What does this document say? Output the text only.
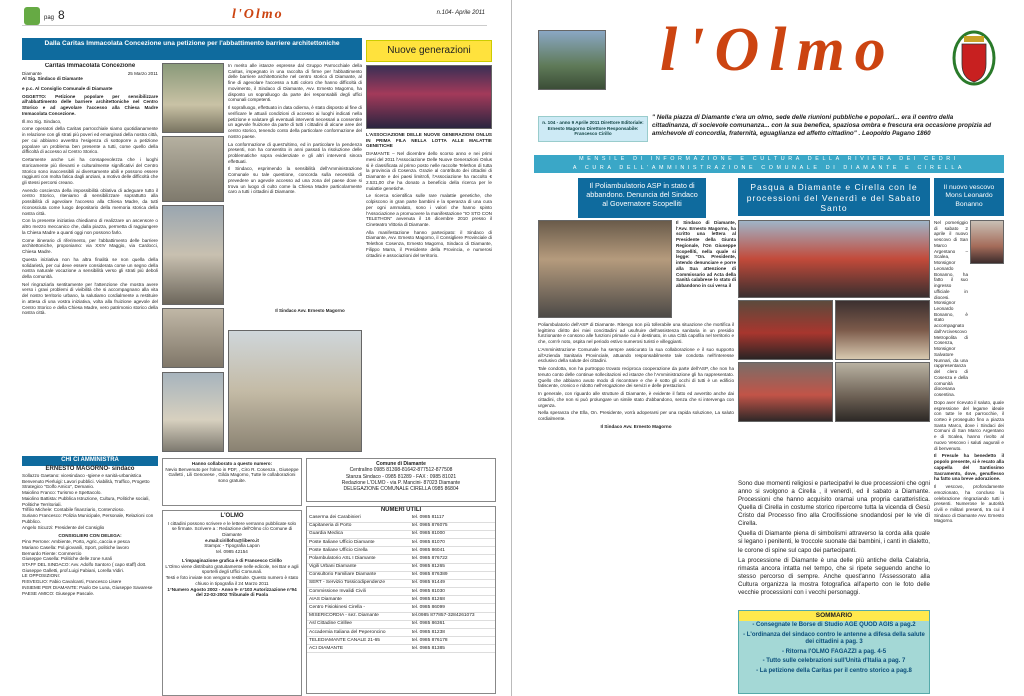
pag 8	l'Olmo	n.104- Aprile 2011
Dalla Caritas Immacolata Concezione una petizione per l'abbattimento barriere architettoniche
Caritas Immacolata Concezione
Diamante	25 Marzo 2011
Al Sig. Sindaco di Diamante

e p.c. Al Consiglio Comunale di Diamante

OGGETTO: Petizione popolare per sensibilizzare all'abbattimento delle barriere architettoniche nel Centro Storico e ad agevolare l'accesso alla Chiesa Madre Immacolata Concezione.

Ill.mo Sig. Sindaco,

come operatori della Caritas parrocchiale siamo quotidianamente in relazione con gli strati più poveri ed emarginati della nostra città, per cui abbiamo avvertito l'esigenza di sottoporre a petizione popolare un problema ben presente a tutti, come quello della difficoltà di accesso al Centro Storico.

Certamente anche Lei ha consapevolezza che i luoghi storicamente più rilevanti e culturalmente significativi del Centro Storico sono inaccessibili ai diversamente abili e possono essere raggiunti con molta fatica dagli anziani, a motivo delle difficoltà che gli stessi percorsi creano.

Avendo coscienza della impossibilità oblativa di adeguare tutto il centro Storico, riteniamo di sensibilizzare soprattutto alla possibilità di agevolare l'accesso alla Chiesa Madre, da tutti riconosciuta come luogo depositario della memoria storica della nostra città.

Con la presente iniziativa chiediamo di realizzare un ascensore o altro mezzo meccanico che, dalla piazza, permetta di raggiungere la Chiesa Madre a quanti oggi non possono farlo.

Come itinerario di riferimento, per l'abbattimento delle barriere architettoniche, proponiamo: via XXIV Maggio, via Cardocci, Chiesa Madre.

Questa iniziativa non ha altra finalità se non quella della solidarietà, per cui deve essere considerata come un segno della nostra naturale vocazione a sensibilità verso gli strati più deboli della comunità.

Nel ringraziarla sentitamente per l'attenzione che mostra avere verso i gravi problemi di vivibilità che si accompagnano alla vita del nostro territorio urbano, la salutiamo cordialmente a restituire in attesa di una vostra iniziativa, volta alla fruizione agevole del Centro Storico e della Chiesa Madre, vero patrimonio storico della nostra città.

In merito alle istanze espresse dal Gruppo Parrocchiale della Caritas, impegnato in una raccolta di firme per l'abbattimento delle barriere architettoniche nel centro storico di Diamante, al fine di agevolare l'accesso a tutti coloro che hanno difficoltà di movimento, il Sindaco di Diamante, Avv. Ernesto Magorno, ha disposto un sopralluogo da parte dei responsabili degli uffici comunali competenti.

Il sopralluogo, effettuato in data odierna, è stato disposto al fine di verificare le attuali condizioni di accesso ai luoghi indicati nella petizione e valutare gli eventuali interventi necessari a consentire un agevole fruizione da parte di tutti i cittadini di alcune aree del centro storico, tenendo conto della particolare conformazione del nostro paese.

La conformazione di quest'ultimo, ed in particolare la pendenza presenti, non ha consentito in anni passati la risoluzione delle problematiche sopra evidenziate e gli altri interventi sinora effettuati.

Il Sindaco, esprimendo la sensibilità dell'Amministrazione Comunale su tale questione, concorda sulla necessità di prevedere un agevole accesso ad una zona del paese dove si trova un luogo di culto come la Chiesa Madre particolarmente caro a tutti i cittadini di Diamante.

Il Sindaco Avv. Ernesto Magorno
Nuove generazioni

L'ASSOCIAZIONE DELLE NUOVE GENERAZIONI ONLUS IN PRIMA FILA NELLA LOTTA ALLE MALATTIE GENETICHE

DIAMANTE – Nel dicembre dello scorso anno e nei primi mesi del 2011 l'Associazione Delle Nuove Generazioni Onlus si è classificata al primo posto nelle raccolte Telethon di tutta la provincia di Cosenza. Grazie al contributo dei cittadini di Diamante e dei paesi limitrofi, l'Associazione ha raccolto € 2.531,00 che ha donato a beneficio della ricerca per le malattie genetiche.

Le ricerca scientifica sulle rare malattie genetiche, che colpiscono in gran parte bambini e la speranza di una cura per ogni ammalato, sono i valori che hanno spinto l'Associazione a promuovere la manifestazione "IO STO CON TELETHON" avvenuta il 16 dicembre 2010 presso il Cineteatro Vittoria di Diamante.

Alla manifestazione hanno partecipato: il Sindaco di Diamante, Avv. Ernesto Magorno, il Consigliere Provinciale di Telethon Cosenza, Ernesto Magorno, Sindaco di Diamante, Filippo Marra, il Presidente della Provincia, e numerosi cittadini e associazioni del territorio.

CHI CI AMMINISTRA
ERNESTO MAGORNO- sindaco
Sollazzo Gaetano: vicesindaco -Igiene e sanità-urbanistica
Benvenuto Pierluigi: Lavori pubblici. Viabilità, Traffico, Progetto Strategico "Golfo Amico", Demanio.
Maiolino Franco: Turismo e Spettacolo.
Maiolino Battista: Pubblica Istruzione, Cultura, Politiche sociali, Politiche Territoriali.
Trifilio Michele: Contabile finanziario, Contenzioso.
Suriano Francesco: Polizia Municipale, Personale, Relazioni con Pubblico.
Angelo Sicuzzi: Presidente del Consiglio
CONSIGLIERI CON DELEGA:
Pino Perrone: Ambiente, Porto, Agric.,caccia e pesca
Mariano Casella: Pol.giovanili, Sport, politiche lavoro
Bernardo Riente: Commercio
Giuseppe Casella: Politiche delle zone rurali
STAFF DEL SINDACO: Avv. Adolfo Santoro ( capo staff) dott. Giuseppe Galletti, prof.Luigi Fabiani, Lorella Vidiri.
LE OPPOSIZIONI:
RISVEGLIO: Fabio Cavalcanti, Francesco Lisere
INSIEME PER DIAMANTE: Paolo De Luna, Giuseppe Savarese
PAESE AMICO: Giuseppe Pascale.
Hanno collaborato a questo numero:
Nevio Benvenuto per l'olmo in PDF, , Ciro R. Cosenza , Giuseppe Galletti , Lili Genovese , Gilda Magorno, Tutte le collaborazioni sono gratuite.
L'OLMO
I cittadini possono scrivere e le lettere verranno pubblicate solo se firmate. Scrivere a : Redazione dell'Olmo c/o Comune di Diamante
e.mail:cirillofra@libero.it
Stampa: - Tipografia Lapon
tel. 0985 42154
L'impaginazione grafica è di Francesco Cirillo
L'Olmo viene distribuito gratuitamente nelle edicole, nei Bar e agli sportelli degli Uffici Comunali.
Testi e foto inviate non vengono restituite. Questo numero è stato chiuso in tipografia il 24 Marzo 2011
1°Numero Agosto 2002 - Anno 9- n°103 Autorizzazione n°94 del 22-02-2002 Tribunale di Paola
Comune di Diamante
Centralino 0985 81398-81642-877512-877508
Stanza Sindaco - 0985 81289 - FAX : 0985 81021
Redazione L'OLMO - via P. Mancini- 87023 Diamante
DELEGAZIONE COMUNALE CIRELLA 0985 86804
NUMERI UTILI
Caserma dei Carabinieri	tel. 0985 81117
Capitaneria di Porto	tel. 0985 876075
Guardia Medica	tel. 0985 81000
Poste Italiane Ufficio Diamante	tel. 0985 81070
Poste Italiane Ufficio Cirella	tel. 0985 86041
Polambulatorio ASL I Diamante	tel. 0985 876722
Vigili Urbani Diamante	tel. 0985 81265
Consultorio Familiare Diamante	tel. 0985 876389
SERT - Servizio Tossicodipendenze	tel. 0985 91449
Commissione Invalidi Civili	tel. 0985 81030
AIAS Diamante	tel. 0985 81268
Centro Fisiokinesi Cirella -	tel. 0985 86099
MISERICORDIA - sez. Diamante	tel.0985 877857-3284261073
Asl Cittadine Cirillee	tel. 0985 86361
Accademia Italiana del Peperoncino	tel. 0985 81238
TELEDIAMANTE CANALE 21-65	tel. 0985 876178
ACI DIAMANTE	tel. 0985 81385
l'Olmo
n. 104 - anno 9 Aprile 2011 Direttore Editoriale: Ernesto Magorno Direttore Responsabile: Francesco Cirillo
" Nella piazza di Diamante c'era un olmo, sede delle riunioni pubbliche e popolari... era il centro della cittadinanza, di socievole comunanza... con la sua benefica, spaziosa ombra e frescura era occasione propizia ad amichevole di concordia, fraternità, eguaglianza ed affetto cittadino" . Leopoldo Pagano 1860
MENSILE DI INFORMAZIONE E CULTURA DELLA RIVIERA DEI CEDRI
A CURA DELL'AMMINISTRAZIONE COMUNALE DI DIAMANTE E CIRELLA
Il Poliambulatorio ASP in stato di abbandono. Denuncia del Sindaco al Governatore Scopelliti
Il Sindaco di Diamante, l'Avv. Ernesto Magorno, ha scritto una lettera al Presidente della Giunta Regionale, l'On Giuseppe Scopelliti, nella quale si legge: "On. Presidente, intendo denunciare e porre alla Sua attenzione di Commissario ad Acta della Sanità calabrese lo stato di abbandono in cui versa il

Poliambulatorio dell'ASP di Diamante. Ritengo non più tollerabile una situazione che mortifica il legittimo diritto dei miei concittadini ad usufruire dell'assistenza sanitaria in un presidio funzionante e consono alle funzioni primarie cui è destinato, in una Città capofila nel territorio e che, com'è noto, ospita nel periodo estivo numerosi turisti e villeggianti.

L'Amministrazione Comunale ha sempre assicurato la sua collaborazione e il suo supporto all'Azienda Sanitaria Provinciale, attuando responsabilmente tale condotta nell'interesse esclusivo della salute dei cittadini.

Tale condotta, non ha purtroppo trovato reciproca cooperazione da parte dell'ASP, che non ha tenuto conto delle continue sollecitazioni ed istanze che l'Amministrazione gli ha rappresentato. Quello che abbiamo avuto modo di riscontrare e che è sotto gli occhi di tutti è un edificio fatiscente, cronico e ridotto nell'erogazione dei servizi e delle prestazioni.

In generale, con riguardo alle strutture di Diamante, è evidente il fatto ed avvertito anche dai cittadini, che non si può prolungare un simile stato d'abbandono, senza che si intervenga con urgenza.

Nella speranza che Ella, On. Presidente, vorrà adoperarsi per una rapida soluzione, La saluto cordialmente.

Il Sindaco Avv. Ernesto Magorno

Pasqua a Diamante e Cirella con le processioni del Venerdì e del Sabato Santo

Sono due momenti religiosi e partecipativi le due processioni che ogni anno si svolgono a Cirella , il venerdì, ed il sabato a Diamante. Processioni che hanno acquisito oramai una propria caratteristica. Quella di Cirella in costume storico ripercorre tutta la vicenda di Gesù Cristo dal Processo fino alla Crocifissione snodandosi per le vie di Cirella.

Quella di Diamante piena di simbolismi attraverso la corda alla quale si legano i penitenti, le troccole suonate dai bambini, i canti in dialetto, le corone di spine sul capo dei partecipanti.

La processione di Diamante è una delle più antiche della Calabria, rimasta ancora intatta nel tempo, che si ripete seguendo anche lo stesso percorso di sempre. Anche quest'anno l'Assessorato alla Cultura organizza la mostra fotografica all'aperto con le foto delle vecchie processioni con i vecchi personaggi.

SOMMARIO
- Consegnate le Borse di Studio AGE QUOD AGIS a pag.2
- L'ordinanza del sindaco contro le antenne a difesa della salute dei cittadini a pag. 3
- Ritorna l'OLMO FAGAZZI a pag. 4-5
- Tutto sulle celebrazioni sull'Unità d'Italia a pag. 7
- La petizione della Caritas per il centro storico a pag.8
Il nuovo vescovo Mons Leonardo Bonanno

Nel pomeriggio di sabato 2 aprile il nuovo vescovo di San Marco Argentano – Scalea, Monsignor Leonardo Bonanno, ha fatto il suo ingresso ufficiale in diocesi. Monsignor Leonardo Bonanno, è stato accompagnato dall'Arcivescovo Metropolita di Cosenza, Monsignor Salvatore Nunnari, da una rappresentanza del clero di Cosenza e della comunità diocesana cosentina.

Dopo aver ricevuto il saluto, quale espressione del legame ideale con tutte le 64 parrocchie, il corteo è proseguito fino a piazza Santa Marco, dove i Sindaci dei Comuni di San Marco Argentano e di Scalea, hanno rivolto al nuovo Vescovo i saluti augurali e di benvenuto.

Il Presule ha benedetto il popolo presente, si è recato alla cappella del Santissimo Sacramento, dove, genuflesso ha fatto una breve adorazione.

Il vescovo, profondamente emozionato, ha concluso la celebrazione ringraziando tutti i presenti. Numerose le autorità civili e militari presenti, tra cui il Sindaco di Diamante Avv. Ernesto Magorno.
